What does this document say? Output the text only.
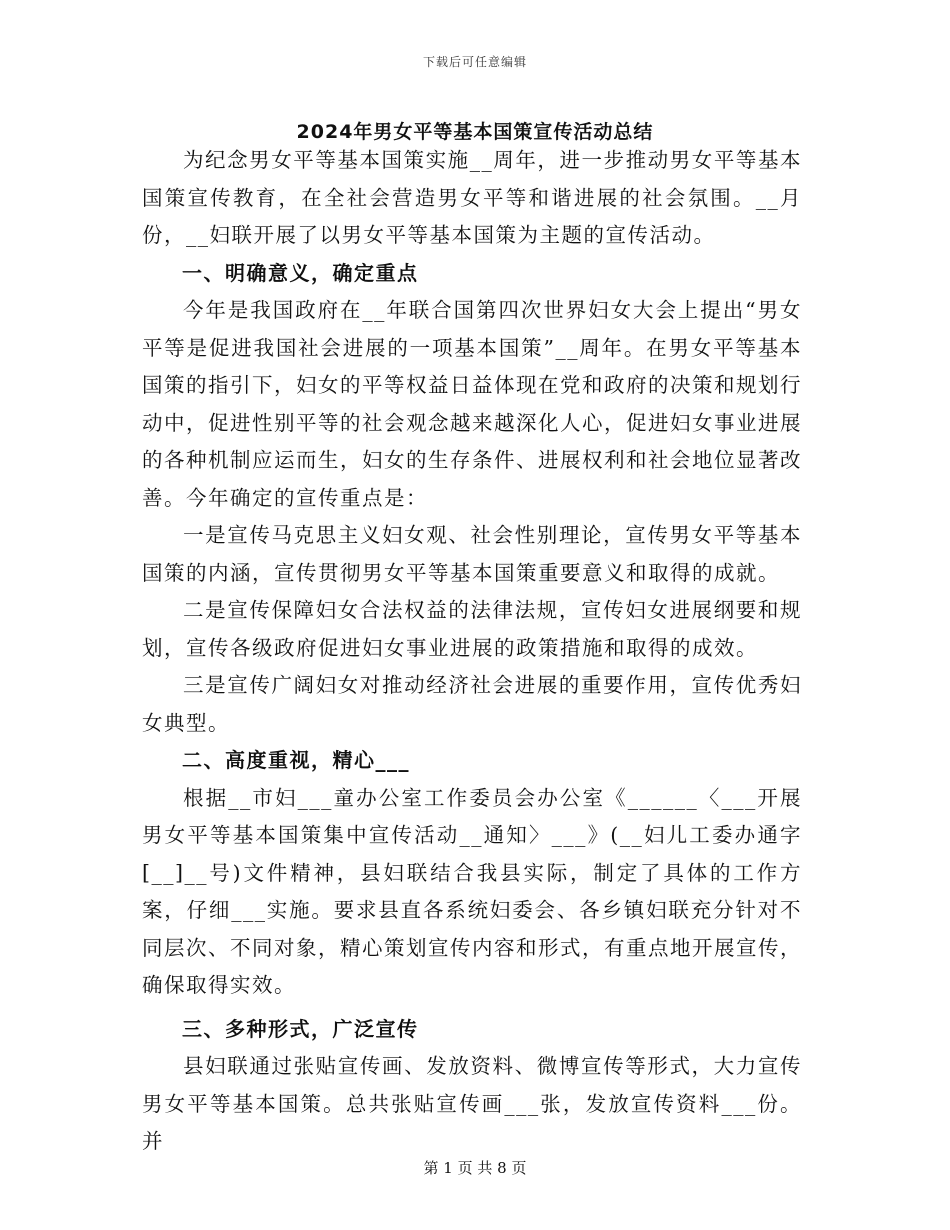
下载后可任意编辑
2024年男女平等基本国策宣传活动总结

为纪念男女平等基本国策实施__周年，进一步推动男女平等基本国策宣传教育，在全社会营造男女平等和谐进展的社会氛围。__月份，__妇联开展了以男女平等基本国策为主题的宣传活动。

一、明确意义，确定重点

今年是我国政府在__年联合国第四次世界妇女大会上提出“男女平等是促进我国社会进展的一项基本国策”__周年。在男女平等基本国策的指引下，妇女的平等权益日益体现在党和政府的决策和规划行动中，促进性别平等的社会观念越来越深化人心，促进妇女事业进展的各种机制应运而生，妇女的生存条件、进展权利和社会地位显著改善。今年确定的宣传重点是：

一是宣传马克思主义妇女观、社会性别理论，宣传男女平等基本国策的内涵，宣传贯彻男女平等基本国策重要意义和取得的成就。

二是宣传保障妇女合法权益的法律法规，宣传妇女进展纲要和规划，宣传各级政府促进妇女事业进展的政策措施和取得的成效。

三是宣传广阔妇女对推动经济社会进展的重要作用，宣传优秀妇女典型。

二、高度重视，精心___

根据__市妇___童办公室工作委员会办公室《______〈___开展男女平等基本国策集中宣传活动__通知〉___》(__妇儿工委办通字[__]__号)文件精神，县妇联结合我县实际，制定了具体的工作方案，仔细___实施。要求县直各系统妇委会、各乡镇妇联充分针对不同层次、不同对象，精心策划宣传内容和形式，有重点地开展宣传，确保取得实效。

三、多种形式，广泛宣传

县妇联通过张贴宣传画、发放资料、微博宣传等形式，大力宣传男女平等基本国策。总共张贴宣传画___张，发放宣传资料___份。并

第 1 页 共 8 页
